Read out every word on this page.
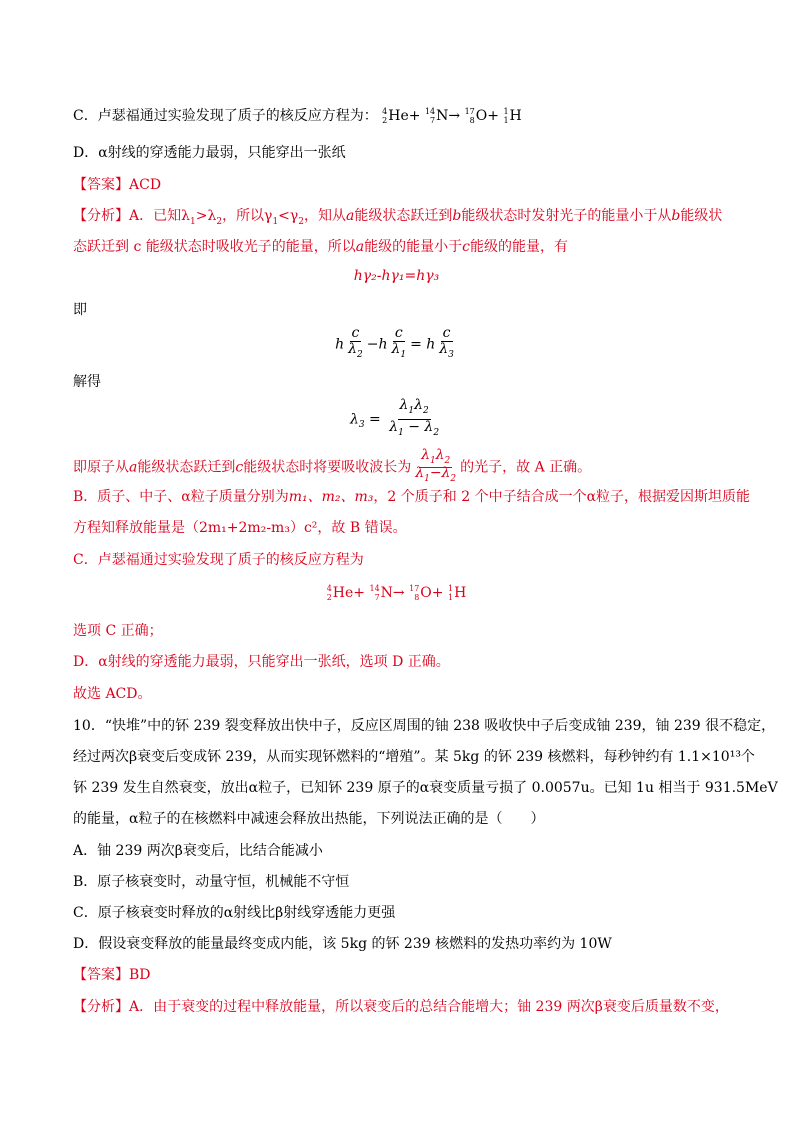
C．卢瑟福通过实验发现了质子的核反应方程为： 4
2 He+ 14
7 N→ 17
8 O+ 1
1 H
D．α射线的穿透能力最弱，只能穿出一张纸
【答案】ACD
【分析】A．已知$\lambda_1>\lambda_2$，所以$\gamma_1<\gamma_2$，知从a能级状态跃迁到b能级状态时发射光子的能量小于从b能级状
态跃迁到 c 能级状态时吸收光子的能量，所以a能级的能量小于c能级的能量，有
hγ₂-hγ₁=hγ₃
即
h $\frac{c}{\lambda_2} -h \frac{c}{\lambda_1} = h \frac{c}{\lambda_3}$
解得
$\lambda_3 = \frac{\lambda_1\lambda_2}{\lambda_1 - \lambda_2}$
即原子从a能级状态跃迁到c能级状态时将要吸收波长为 $\frac{\lambda_1\lambda_2}{\lambda_1-\lambda_2}$ 的光子，故 A 正确。
B．质子、中子、α粒子质量分别为m₁、m₂、m₃，2 个质子和 2 个中子结合成一个α粒子，根据爱因斯坦质能
方程知释放能量是（2m₁+2m₂-m₃）c²，故 B 错误。
C．卢瑟福通过实验发现了质子的核反应方程为
4
2 He+ 14
7 N→ 17
8 O+ 1
1 H
选项 C 正确；
D．α射线的穿透能力最弱，只能穿出一张纸，选项 D 正确。
故选 ACD。
10．“快堆”中的钚 239 裂变释放出快中子，反应区周围的铀 238 吸收快中子后变成铀 239，铀 239 很不稳定，
经过两次β衰变后变成钚 239，从而实现钚燃料的“增殖”。某 5kg 的钚 239 核燃料，每秒钟约有 1.1×10¹³个
钚 239 发生自然衰变，放出α粒子，已知钚 239 原子的α衰变质量亏损了 0.0057u。已知 1u 相当于 931.5MeV
的能量，α粒子的在核燃料中减速会释放出热能，下列说法正确的是（　　）
A．铀 239 两次β衰变后，比结合能减小
B．原子核衰变时，动量守恒，机械能不守恒
C．原子核衰变时释放的α射线比β射线穿透能力更强
D．假设衰变释放的能量最终变成内能，该 5kg 的钚 239 核燃料的发热功率约为 10W
【答案】BD
【分析】A．由于衰变的过程中释放能量，所以衰变后的总结合能增大；铀 239 两次β衰变后质量数不变，
